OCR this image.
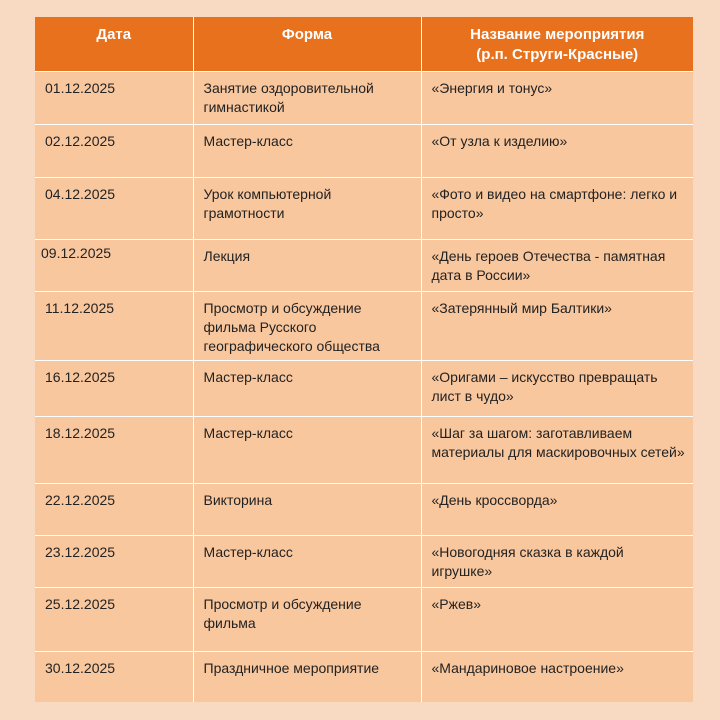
Дата	Форма	Название мероприятия
(р.п. Струги-Красные)

01.12.2025	Занятие оздоровительной гимнастикой	«Энергия и тонус»
02.12.2025	Мастер-класс	«От узла к изделию»
04.12.2025	Урок компьютерной грамотности	«Фото и видео на смартфоне: легко и просто»
09.12.2025	Лекция	«День героев Отечества - памятная дата в России»
11.12.2025	Просмотр и обсуждение фильма Русского географического общества	«Затерянный мир Балтики»
16.12.2025	Мастер-класс	«Оригами – искусство превращать лист в чудо»
18.12.2025	Мастер-класс	«Шаг за шагом: заготавливаем материалы для маскировочных сетей»
22.12.2025	Викторина	«День кроссворда»
23.12.2025	Мастер-класс	«Новогодняя сказка в каждой игрушке»
25.12.2025	Просмотр и обсуждение фильма	«Ржев»
30.12.2025	Праздничное мероприятие	«Мандариновое настроение»
